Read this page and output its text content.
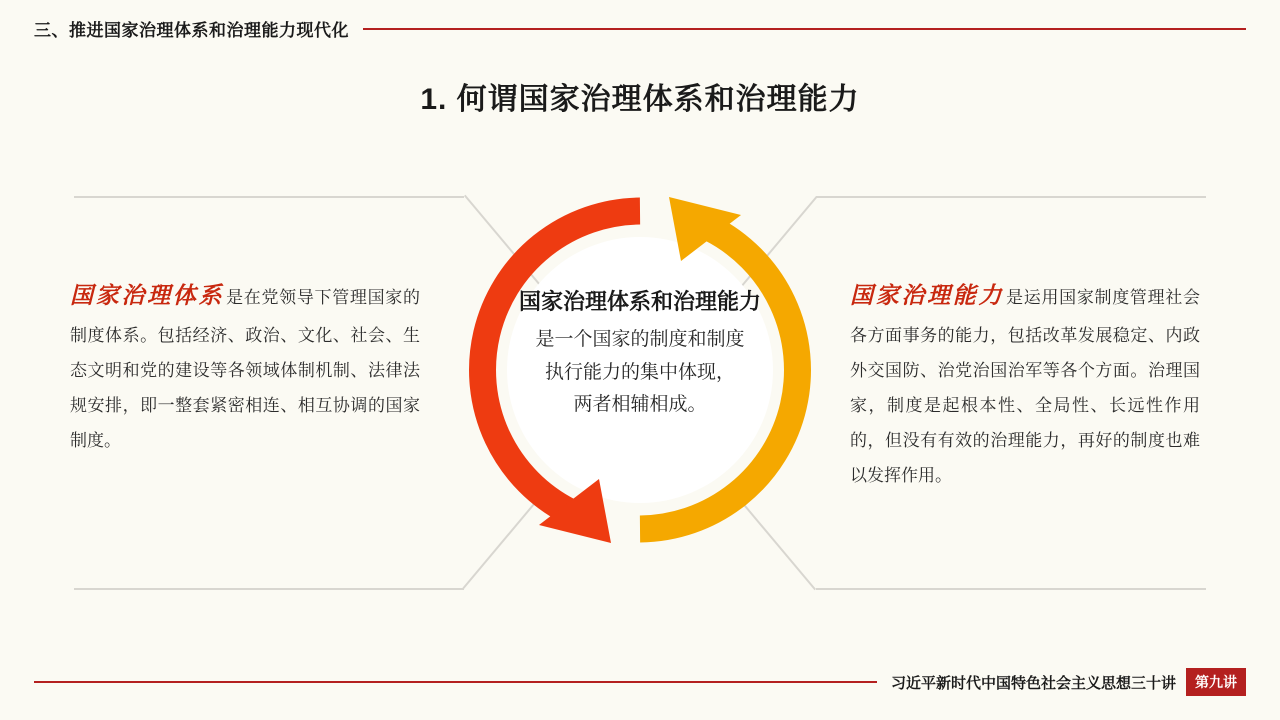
三、推进国家治理体系和治理能力现代化
1. 何谓国家治理体系和治理能力
国家治理体系和治理能力
是一个国家的制度和制度
执行能力的集中体现，
两者相辅相成。
国家治理体系 是在党领导下管理国家的制度体系。包括经济、政治、文化、社会、生态文明和党的建设等各领域体制机制、法律法规安排，即一整套紧密相连、相互协调的国家制度。
国家治理能力 是运用国家制度管理社会各方面事务的能力，包括改革发展稳定、内政外交国防、治党治国治军等各个方面。治理国家，制度是起根本性、全局性、长远性作用的，但没有有效的治理能力，再好的制度也难以发挥作用。
习近平新时代中国特色社会主义思想三十讲	第九讲
